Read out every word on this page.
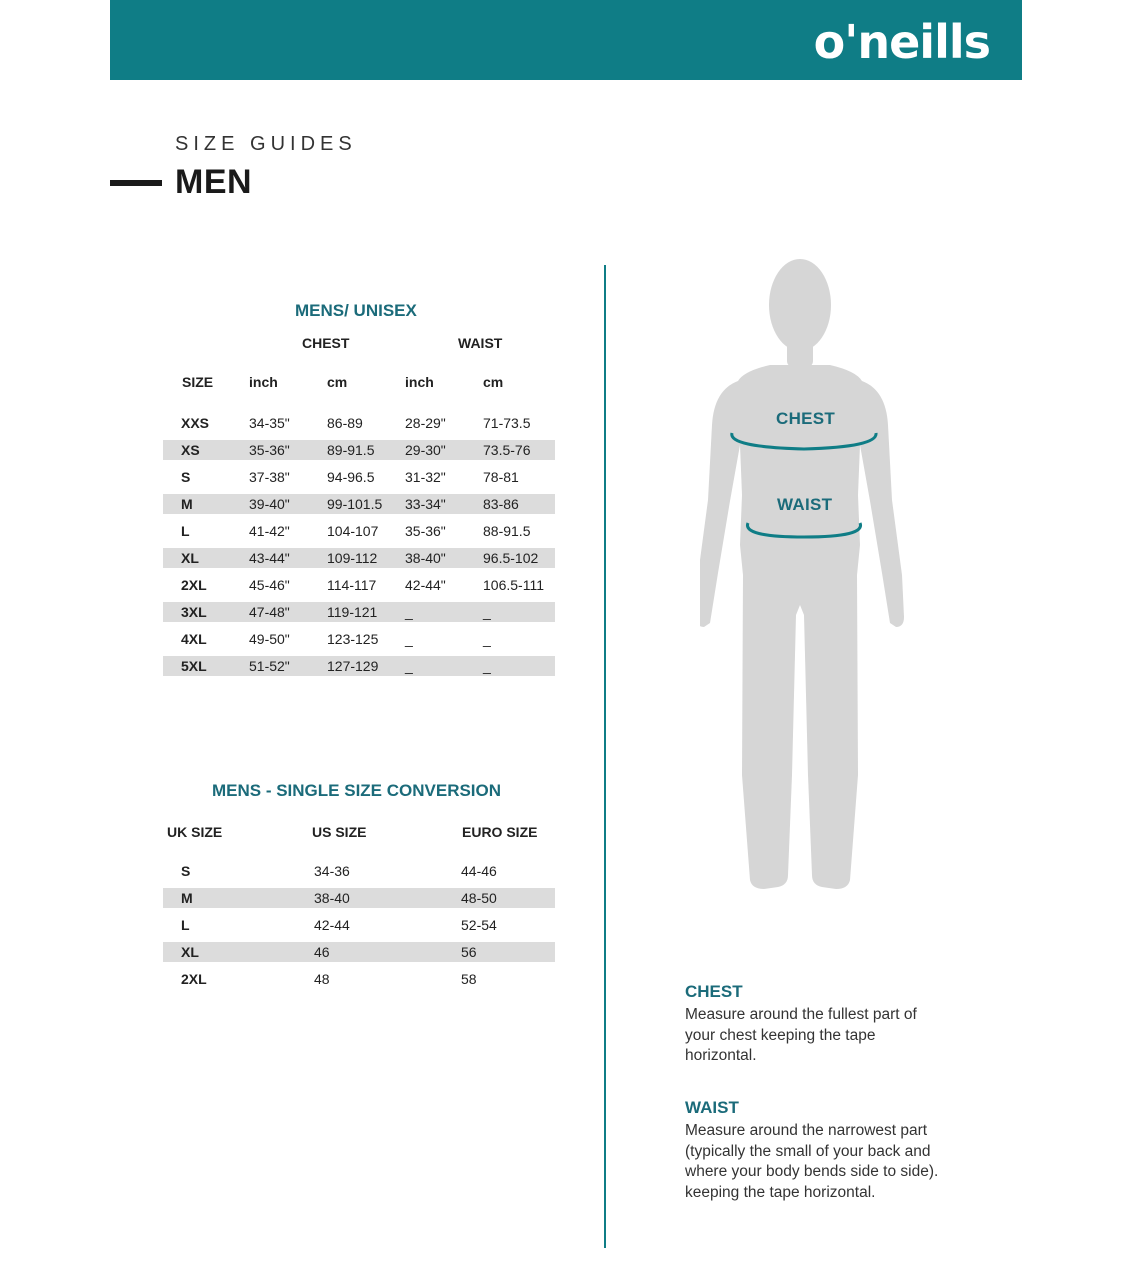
o'neills
SIZE GUIDES
MEN
MENS/ UNISEX
CHEST	WAIST
SIZE	inch	cm	inch	cm
XXS	34-35"	86-89	28-29"	71-73.5
XS	35-36"	89-91.5 29-30"	73.5-76
S	37-38"	94-96.5 31-32"	78-81
M	39-40"	99-101.5 33-34"	83-86
L	41-42"	104-107 35-36"	88-91.5
XL	43-44"	109-112 38-40"	96.5-102
2XL	45-46"	114-117 42-44"	106.5-111
3XL	47-48"	119-121 _	_
4XL	49-50"	123-125 _	_
5XL	51-52"	127-129 _	_
MENS - SINGLE SIZE CONVERSION
UK SIZE	US SIZE	EURO SIZE
S	34-36	44-46
M	38-40	48-50
L	42-44	52-54
XL	46	56
2XL	48	58
CHEST
WAIST
CHEST
Measure around the fullest part of
your chest keeping the tape
horizontal.
WAIST
Measure around the narrowest part
(typically the small of your back and
where your body bends side to side).
keeping the tape horizontal.
